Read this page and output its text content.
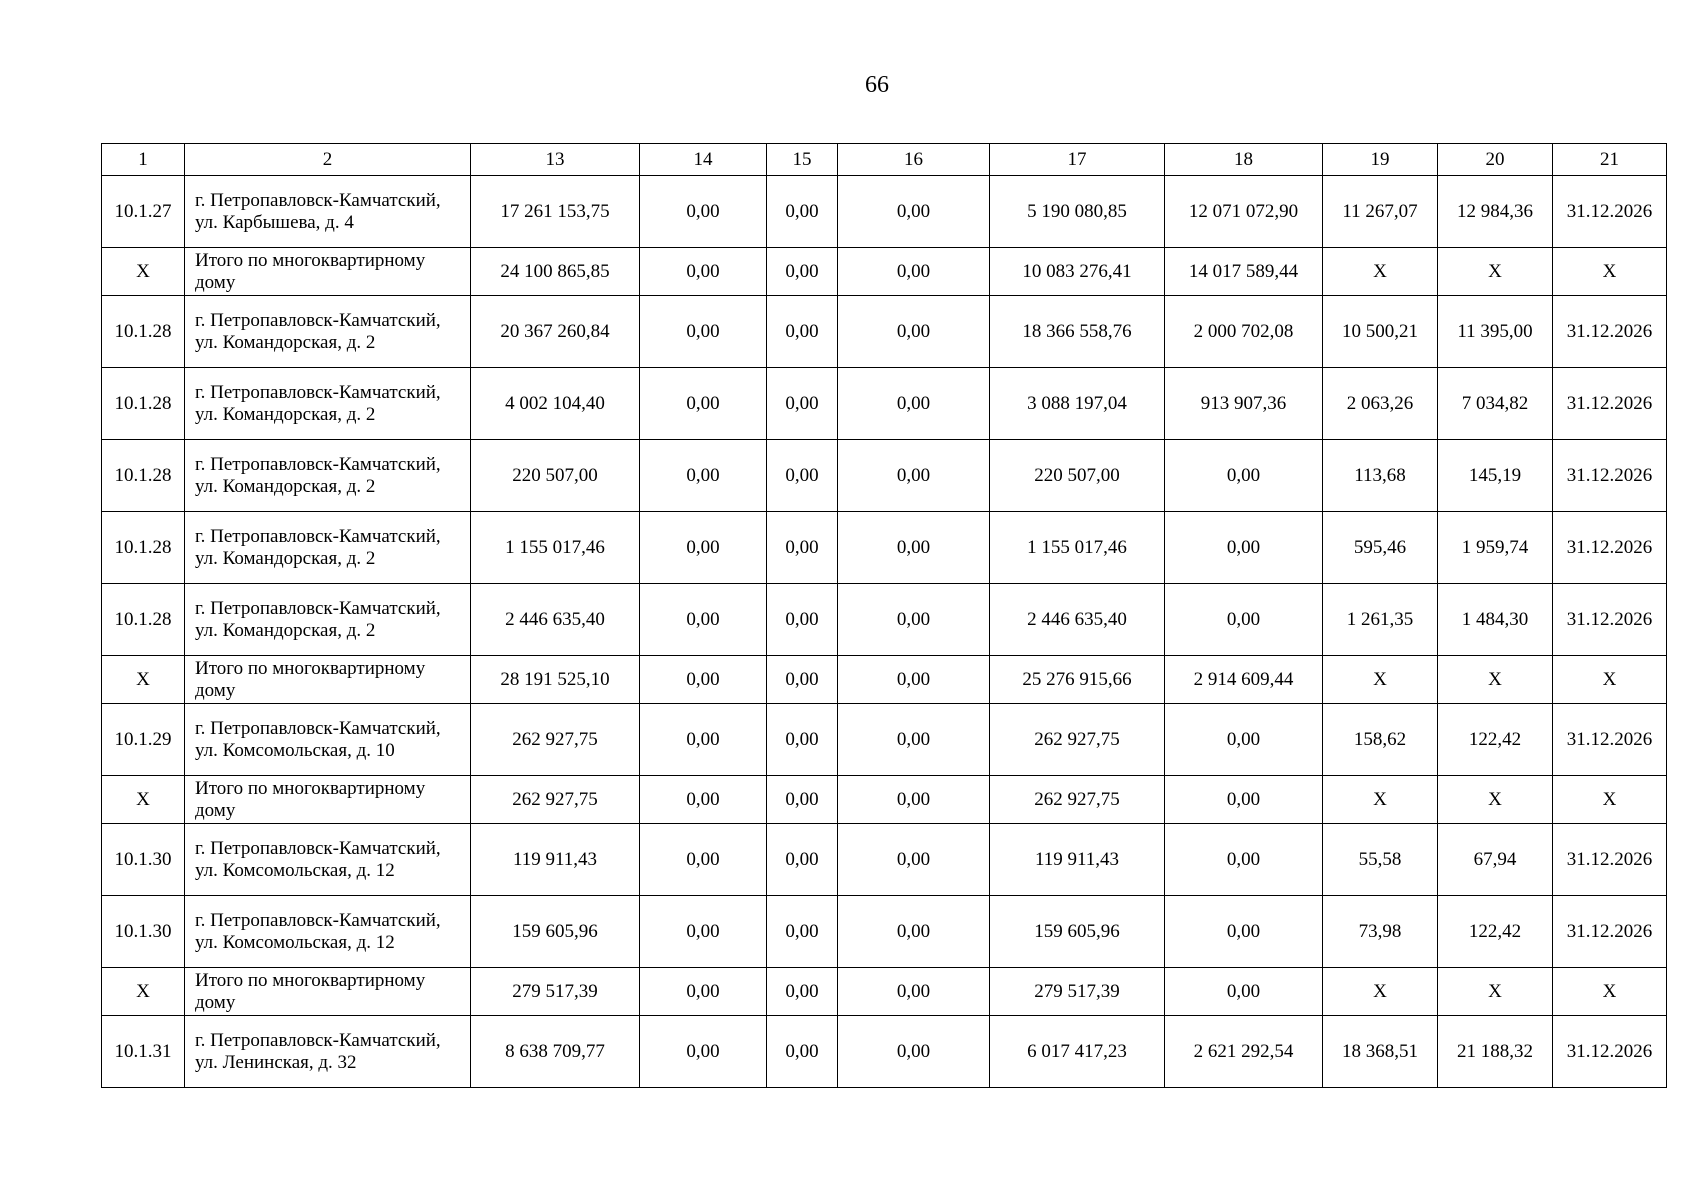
66
1	2	13	14	15	16	17	18	19	20	21
10.1.27	г. Петропавловск-Камчатский, ул. Карбышева, д. 4	17 261 153,75	0,00	0,00	0,00	5 190 080,85	12 071 072,90	11 267,07	12 984,36	31.12.2026
X	Итого по многоквартирному дому	24 100 865,85	0,00	0,00	0,00	10 083 276,41	14 017 589,44	X	X	X
10.1.28	г. Петропавловск-Камчатский, ул. Командорская, д. 2	20 367 260,84	0,00	0,00	0,00	18 366 558,76	2 000 702,08	10 500,21	11 395,00	31.12.2026
10.1.28	г. Петропавловск-Камчатский, ул. Командорская, д. 2	4 002 104,40	0,00	0,00	0,00	3 088 197,04	913 907,36	2 063,26	7 034,82	31.12.2026
10.1.28	г. Петропавловск-Камчатский, ул. Командорская, д. 2	220 507,00	0,00	0,00	0,00	220 507,00	0,00	113,68	145,19	31.12.2026
10.1.28	г. Петропавловск-Камчатский, ул. Командорская, д. 2	1 155 017,46	0,00	0,00	0,00	1 155 017,46	0,00	595,46	1 959,74	31.12.2026
10.1.28	г. Петропавловск-Камчатский, ул. Командорская, д. 2	2 446 635,40	0,00	0,00	0,00	2 446 635,40	0,00	1 261,35	1 484,30	31.12.2026
X	Итого по многоквартирному дому	28 191 525,10	0,00	0,00	0,00	25 276 915,66	2 914 609,44	X	X	X
10.1.29	г. Петропавловск-Камчатский, ул. Комсомольская, д. 10	262 927,75	0,00	0,00	0,00	262 927,75	0,00	158,62	122,42	31.12.2026
X	Итого по многоквартирному дому	262 927,75	0,00	0,00	0,00	262 927,75	0,00	X	X	X
10.1.30	г. Петропавловск-Камчатский, ул. Комсомольская, д. 12	119 911,43	0,00	0,00	0,00	119 911,43	0,00	55,58	67,94	31.12.2026
10.1.30	г. Петропавловск-Камчатский, ул. Комсомольская, д. 12	159 605,96	0,00	0,00	0,00	159 605,96	0,00	73,98	122,42	31.12.2026
X	Итого по многоквартирному дому	279 517,39	0,00	0,00	0,00	279 517,39	0,00	X	X	X
10.1.31	г. Петропавловск-Камчатский, ул. Ленинская, д. 32	8 638 709,77	0,00	0,00	0,00	6 017 417,23	2 621 292,54	18 368,51	21 188,32	31.12.2026
